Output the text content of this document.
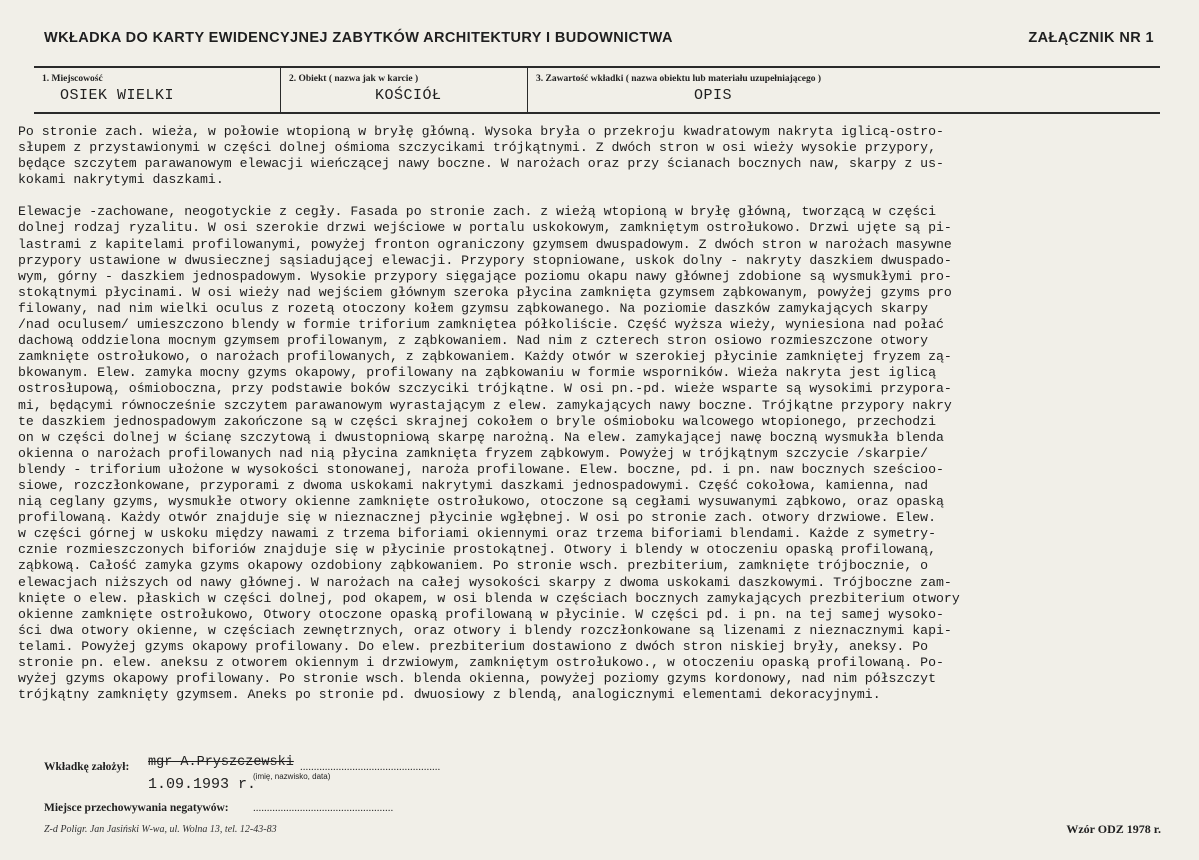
WKŁADKA DO KARTY EWIDENCYJNEJ ZABYTKÓW ARCHITEKTURY I BUDOWNICTWA	ZAŁĄCZNIK NR 1
1. Miejscowość
OSIEK WIELKI
2. Obiekt ( nazwa jak w karcie )
KOŚCIÓŁ
3. Zawartość wkładki ( nazwa obiektu lub materiału uzupełniającego )
OPIS

Po stronie zach. wieża, w połowie wtopioną w bryłę główną. Wysoka bryła o przekroju kwadratowym nakryta iglicą-ostro-
słupem z przystawionymi w części dolnej ośmioma szczycikami trójkątnymi. Z dwóch stron w osi wieży wysokie przypory,
będące szczytem parawanowym elewacji wieńczącej nawy boczne. W narożach oraz przy ścianach bocznych naw, skarpy z us-
kokami nakrytymi daszkami.

Elewacje -zachowane, neogotyckie z cegły. Fasada po stronie zach. z wieżą wtopioną w bryłę główną, tworzącą w części
dolnej rodzaj ryzalitu. W osi szerokie drzwi wejściowe w portalu uskokowym, zamkniętym ostrołukowo. Drzwi ujęte są pi-
lastrami z kapitelami profilowanymi, powyżej fronton ograniczony gzymsem dwuspadowym. Z dwóch stron w narożach masywne
przypory ustawione w dwusiecznej sąsiadującej elewacji. Przypory stopniowane, uskok dolny - nakryty daszkiem dwuspado-
wym, górny - daszkiem jednospadowym. Wysokie przypory sięgające poziomu okapu nawy głównej zdobione są wysmukłymi pro-
stokątnymi płycinami. W osi wieży nad wejściem głównym szeroka płycina zamknięta gzymsem ząbkowanym, powyżej gzyms pro
filowany, nad nim wielki oculus z rozetą otoczony kołem gzymsu ząbkowanego. Na poziomie daszków zamykających skarpy
/nad oculusem/ umieszczono blendy w formie triforium zamkniętea półkoliście. Część wyższa wieży, wyniesiona nad połać
dachową oddzielona mocnym gzymsem profilowanym, z ząbkowaniem. Nad nim z czterech stron osiowo rozmieszczone otwory
zamknięte ostrołukowo, o narożach profilowanych, z ząbkowaniem. Każdy otwór w szerokiej płycinie zamkniętej fryzem zą-
bkowanym. Elew. zamyka mocny gzyms okapowy, profilowany na ząbkowaniu w formie wsporników. Wieża nakryta jest iglicą
ostrosłupową, ośmioboczna, przy podstawie boków szczyciki trójkątne. W osi pn.-pd. wieże wsparte są wysokimi przypora-
mi, będącymi równocześnie szczytem parawanowym wyrastającym z elew. zamykających nawy boczne. Trójkątne przypory nakry
te daszkiem jednospadowym zakończone są w części skrajnej cokołem o bryle ośmioboku walcowego wtopionego, przechodzi
on w części dolnej w ścianę szczytową i dwustopniową skarpę narożną. Na elew. zamykającej nawę boczną wysmukła blenda
okienna o narożach profilowanych nad nią płycina zamknięta fryzem ząbkowym. Powyżej w trójkątnym szczycie /skarpie/
blendy - triforium ułożone w wysokości stonowanej, naroża profilowane. Elew. boczne, pd. i pn. naw bocznych sześcioo-
siowe, rozczłonkowane, przyporami z dwoma uskokami nakrytymi daszkami jednospadowymi. Część cokołowa, kamienna, nad
nią ceglany gzyms, wysmukłe otwory okienne zamknięte ostrołukowo, otoczone są cegłami wysuwanymi ząbkowo, oraz opaską
profilowaną. Każdy otwór znajduje się w nieznacznej płycinie wgłębnej. W osi po stronie zach. otwory drzwiowe. Elew.
w części górnej w uskoku między nawami z trzema biforiami okiennymi oraz trzema biforiami blendami. Każde z symetry-
cznie rozmieszczonych biforiów znajduje się w płycinie prostokątnej. Otwory i blendy w otoczeniu opaską profilowaną,
ząbkową. Całość zamyka gzyms okapowy ozdobiony ząbkowaniem. Po stronie wsch. prezbiterium, zamknięte trójbocznie, o
elewacjach niższych od nawy głównej. W narożach na całej wysokości skarpy z dwoma uskokami daszkowymi. Trójboczne zam-
knięte o elew. płaskich w części dolnej, pod okapem, w osi blenda w częściach bocznych zamykających prezbiterium otwory
okienne zamknięte ostrołukowo, Otwory otoczone opaską profilowaną w płycinie. W części pd. i pn. na tej samej wysoko-
ści dwa otwory okienne, w częściach zewnętrznych, oraz otwory i blendy rozczłonkowane są lizenami z nieznacznymi kapi-
telami. Powyżej gzyms okapowy profilowany. Do elew. prezbiterium dostawiono z dwóch stron niskiej bryły, aneksy. Po
stronie pn. elew. aneksu z otworem okiennym i drzwiowym, zamkniętym ostrołukowo., w otoczeniu opaską profilowaną. Po-
wyżej gzyms okapowy profilowany. Po stronie wsch. blenda okienna, powyżej poziomy gzyms kordonowy, nad nim półszczyt
trójkątny zamknięty gzymsem. Aneks po stronie pd. dwuosiowy z blendą, analogicznymi elementami dekoracyjnymi.

Wkładkę założył: mgr A.Pryszczewski ...................................................
1.09.1993 r.
(imię, nazwisko, data)
Miejsce przechowywania negatywów: ...................................................
Z-d Poligr. Jan Jasiński W-wa, ul. Wolna 13, tel. 12-43-83	Wzór ODZ 1978 r.
